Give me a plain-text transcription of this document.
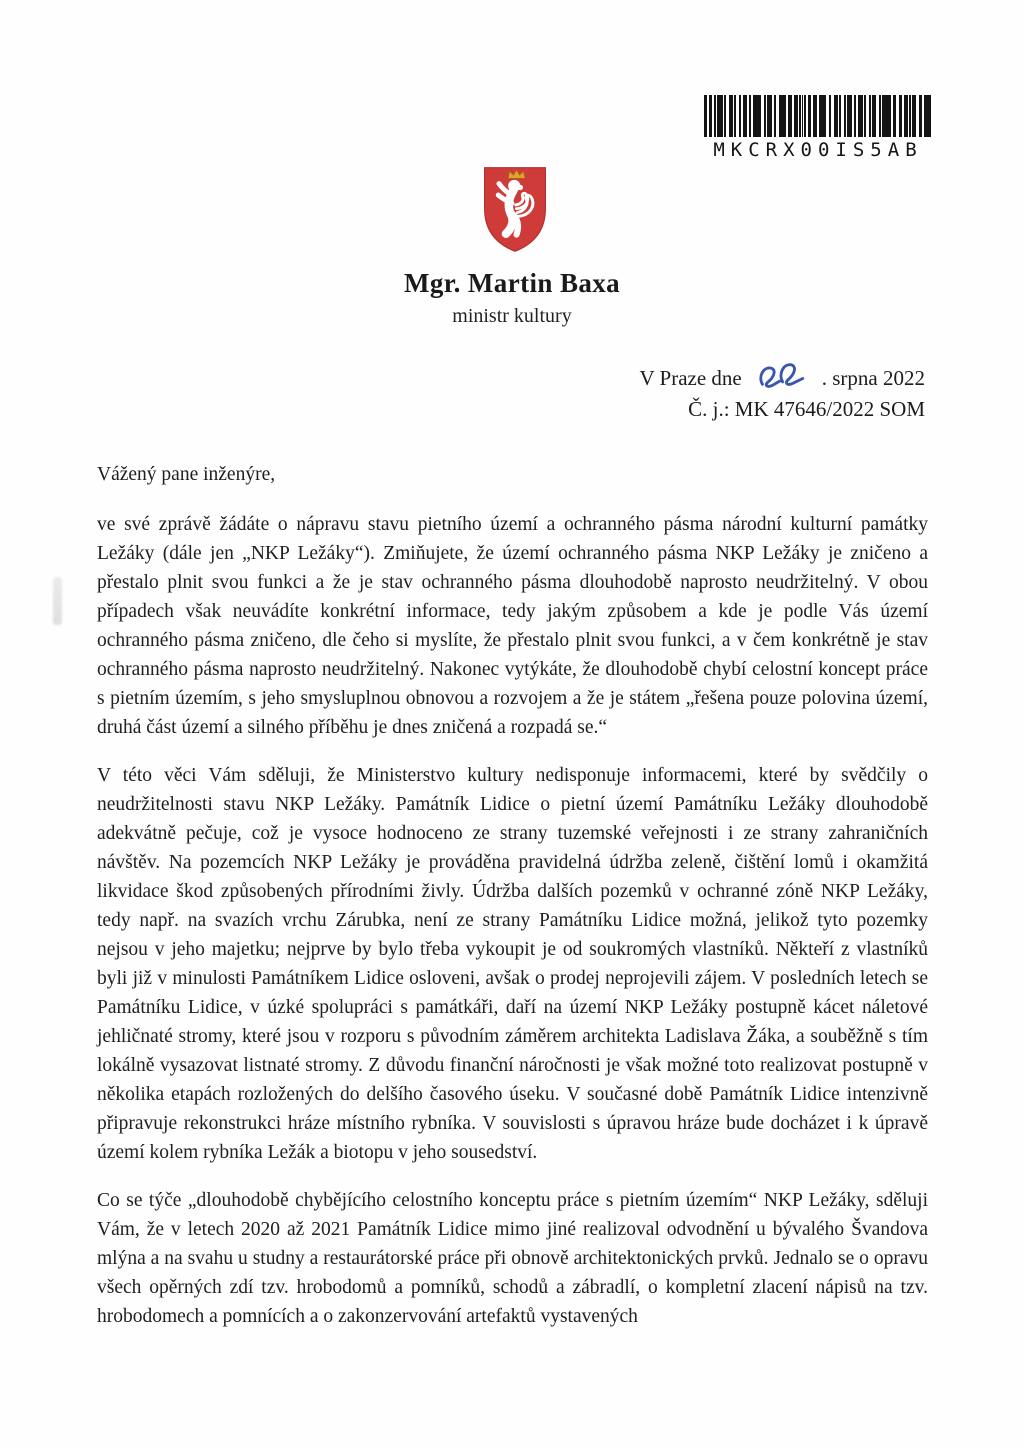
MKCRX00IS5AB
Mgr. Martin Baxa
ministr kultury
V Praze dne	. srpna 2022
Č. j.: MK 47646/2022 SOM

Vážený pane inženýre,

ve své zprávě žádáte o nápravu stavu pietního území a ochranného pásma národní kulturní památky Ležáky (dále jen „NKP Ležáky“). Zmiňujete, že území ochranného pásma NKP Ležáky je zničeno a přestalo plnit svou funkci a že je stav ochranného pásma dlouhodobě naprosto neudržitelný. V obou případech však neuvádíte konkrétní informace, tedy jakým způsobem a kde je podle Vás území ochranného pásma zničeno, dle čeho si myslíte, že přestalo plnit svou funkci, a v čem konkrétně je stav ochranného pásma naprosto neudržitelný. Nakonec vytýkáte, že dlouhodobě chybí celostní koncept práce s pietním územím, s jeho smysluplnou obnovou a rozvojem a že je státem „řešena pouze polovina území, druhá část území a silného příběhu je dnes zničená a rozpadá se.“

V této věci Vám sděluji, že Ministerstvo kultury nedisponuje informacemi, které by svědčily o neudržitelnosti stavu NKP Ležáky. Památník Lidice o pietní území Památníku Ležáky dlouhodobě adekvátně pečuje, což je vysoce hodnoceno ze strany tuzemské veřejnosti i ze strany zahraničních návštěv. Na pozemcích NKP Ležáky je prováděna pravidelná údržba zeleně, čištění lomů i okamžitá likvidace škod způsobených přírodními živly. Údržba dalších pozemků v ochranné zóně NKP Ležáky, tedy např. na svazích vrchu Zárubka, není ze strany Památníku Lidice možná, jelikož tyto pozemky nejsou v jeho majetku; nejprve by bylo třeba vykoupit je od soukromých vlastníků. Někteří z vlastníků byli již v minulosti Památníkem Lidice osloveni, avšak o prodej neprojevili zájem. V posledních letech se Památníku Lidice, v úzké spolupráci s památkáři, daří na území NKP Ležáky postupně kácet náletové jehličnaté stromy, které jsou v rozporu s původním záměrem architekta Ladislava Žáka, a souběžně s tím lokálně vysazovat listnaté stromy. Z důvodu finanční náročnosti je však možné toto realizovat postupně v několika etapách rozložených do delšího časového úseku. V současné době Památník Lidice intenzivně připravuje rekonstrukci hráze místního rybníka. V souvislosti s úpravou hráze bude docházet i k úpravě území kolem rybníka Ležák a biotopu v jeho sousedství.

Co se týče „dlouhodobě chybějícího celostního konceptu práce s pietním územím“ NKP Ležáky, sděluji Vám, že v letech 2020 až 2021 Památník Lidice mimo jiné realizoval odvodnění u bývalého Švandova mlýna a na svahu u studny a restaurátorské práce při obnově architektonických prvků. Jednalo se o opravu všech opěrných zdí tzv. hrobodomů a pomníků, schodů a zábradlí, o kompletní zlacení nápisů na tzv. hrobodomech a pomnících a o zakonzervování artefaktů vystavených
